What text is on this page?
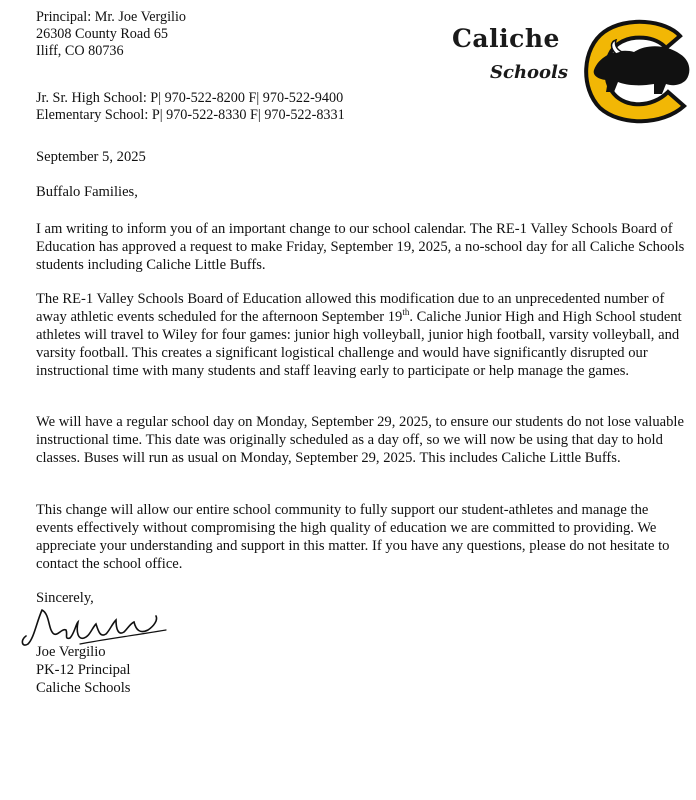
Principal: Mr. Joe Vergilio
26308 County Road 65
Iliff, CO 80736
Jr. Sr. High School: P| 970-522-8200 F| 970-522-9400
Elementary School: P| 970-522-8330 F| 970-522-8331
Caliche
Schools
September 5, 2025
Buffalo Families,
I am writing to inform you of an important change to our school calendar. The RE-1 Valley Schools Board of Education has approved a request to make Friday, September 19, 2025, a no-school day for all Caliche Schools students including Caliche Little Buffs.
The RE-1 Valley Schools Board of Education allowed this modification due to an unprecedented number of away athletic events scheduled for the afternoon September 19th. Caliche Junior High and High School student athletes will travel to Wiley for four games: junior high volleyball, junior high football, varsity volleyball, and varsity football. This creates a significant logistical challenge and would have significantly disrupted our instructional time with many students and staff leaving early to participate or help manage the games.
We will have a regular school day on Monday, September 29, 2025, to ensure our students do not lose valuable instructional time. This date was originally scheduled as a day off, so we will now be using that day to hold classes. Buses will run as usual on Monday, September 29, 2025. This includes Caliche Little Buffs.
This change will allow our entire school community to fully support our student-athletes and manage the events effectively without compromising the high quality of education we are committed to providing. We appreciate your understanding and support in this matter. If you have any questions, please do not hesitate to contact the school office.
Sincerely,
Joe Vergilio
PK-12 Principal
Caliche Schools
